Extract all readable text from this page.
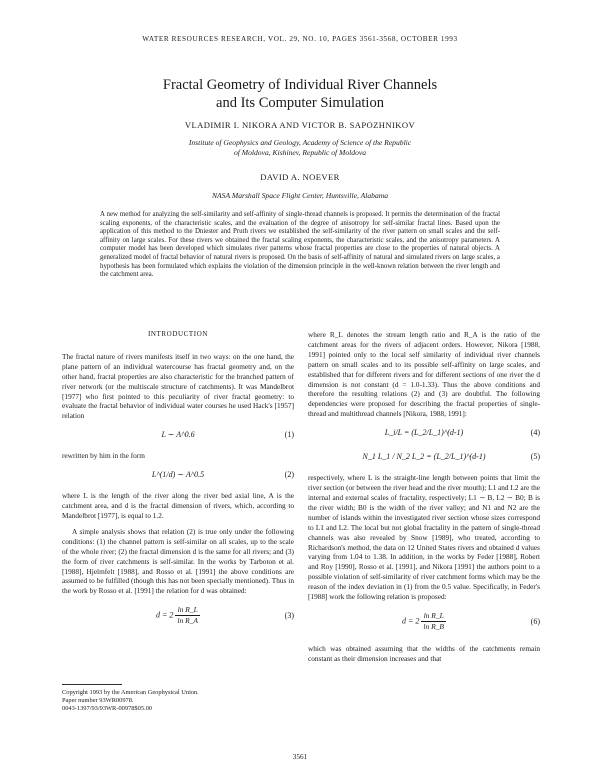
WATER RESOURCES RESEARCH, VOL. 29, NO. 10, PAGES 3561-3568, OCTOBER 1993
Fractal Geometry of Individual River Channels
and Its Computer Simulation
VLADIMIR I. NIKORA AND VICTOR B. SAPOZHNIKOV
Institute of Geophysics and Geology, Academy of Science of the Republic
of Moldova, Kishinev, Republic of Moldova
DAVID A. NOEVER
NASA Marshall Space Flight Center, Huntsville, Alabama
A new method for analyzing the self-similarity and self-affinity of single-thread channels is proposed. It permits the determination of the fractal scaling exponents, of the characteristic scales, and the evaluation of the degree of anisotropy for self-similar fractal lines. Based upon the application of this method to the Dniester and Pruth rivers we established the self-similarity of the river pattern on small scales and the self-affinity on large scales. For these rivers we obtained the fractal scaling exponents, the characteristic scales, and the anisotropy parameters. A computer model has been developed which simulates river patterns whose fractal properties are close to the properties of natural objects. A generalized model of fractal behavior of natural rivers is proposed. On the basis of self-affinity of natural and simulated rivers on large scales, a hypothesis has been formulated which explains the violation of the dimension principle in the well-known relation between the river length and the catchment area.
INTRODUCTION

The fractal nature of rivers manifests itself in two ways: on the one hand, the plane pattern of an individual watercourse has fractal geometry and, on the other hand, fractal properties are also characteristic for the branched pattern of river network (or the multiscale structure of catchments). It was Mandelbrot [1977] who first pointed to this peculiarity of river fractal geometry: to evaluate the fractal behavior of individual water courses he used Hack's [1957] relation

L ∼ A^0.6	(1)

rewritten by him in the form

L^(1/d) ∼ A^0.5	(2)

where L is the length of the river along the river bed axial line, A is the catchment area, and d is the fractal dimension of rivers, which, according to Mandelbrot [1977], is equal to 1.2.

A simple analysis shows that relation (2) is true only under the following conditions: (1) the channel pattern is self-similar on all scales, up to the scale of the whole river; (2) the fractal dimension d is the same for all rivers; and (3) the form of river catchments is self-similar. In the works by Tarboton et al. [1988], Hjelmfelt [1988], and Rosso et al. [1991] the above conditions are assumed to be fulfilled (though this has not been specially mentioned). Thus in the work by Rosso et al. [1991] the relation for d was obtained:

$d = 2 \frac{\text{ln R\_L}}{\text{ln R\_A}}$	(3)
Copyright 1993 by the American Geophysical Union.
Paper number 93WR00978.
0043-1397/93/93WR-00978$05.00

where R_L denotes the stream length ratio and R_A is the ratio of the catchment areas for the rivers of adjacent orders. However, Nikora [1988, 1991] pointed only to the local self similarity of individual river channels pattern on small scales and to its possible self-affinity on large scales, and established that for different rivers and for different sections of one river the d dimension is not constant (d = 1.0-1.33). Thus the above conditions and therefore the resulting relations (2) and (3) are doubtful. The following dependencies were proposed for describing the fractal properties of single-thread and multithread channels [Nikora, 1988, 1991]:

L_i/L = (L_2/L_1)^(d-1)	(4)
N_1 L_1 / N_2 L_2 = (L_2/L_1)^(d-1)	(5)

respectively, where L is the straight-line length between points that limit the river section (or between the river head and the river mouth); L1 and L2 are the internal and external scales of fractality, respectively; L1 ∼ B, L2 ∼ B0; B is the river width; B0 is the width of the river valley; and N1 and N2 are the number of islands within the investigated river section whose sizes correspond to L1 and L2. The local but not global fractality in the pattern of single-thread channels was also revealed by Snow [1989], who treated, according to Richardson's method, the data on 12 United States rivers and obtained d values varying from 1.04 to 1.38. In addition, in the works by Feder [1988], Robert and Roy [1990], Rosso et al. [1991], and Nikora [1991] the authors point to a possible violation of self-similarity of river catchment forms which may be the reason of the index deviation in (1) from the 0.5 value. Specifically, in Feder's [1988] work the following relation is proposed:

$d = 2 \frac{\text{ln R\_L}}{\text{ln R\_B}}$	(6)

which was obtained assuming that the widths of the catchments remain constant as their dimension increases and that

3561
